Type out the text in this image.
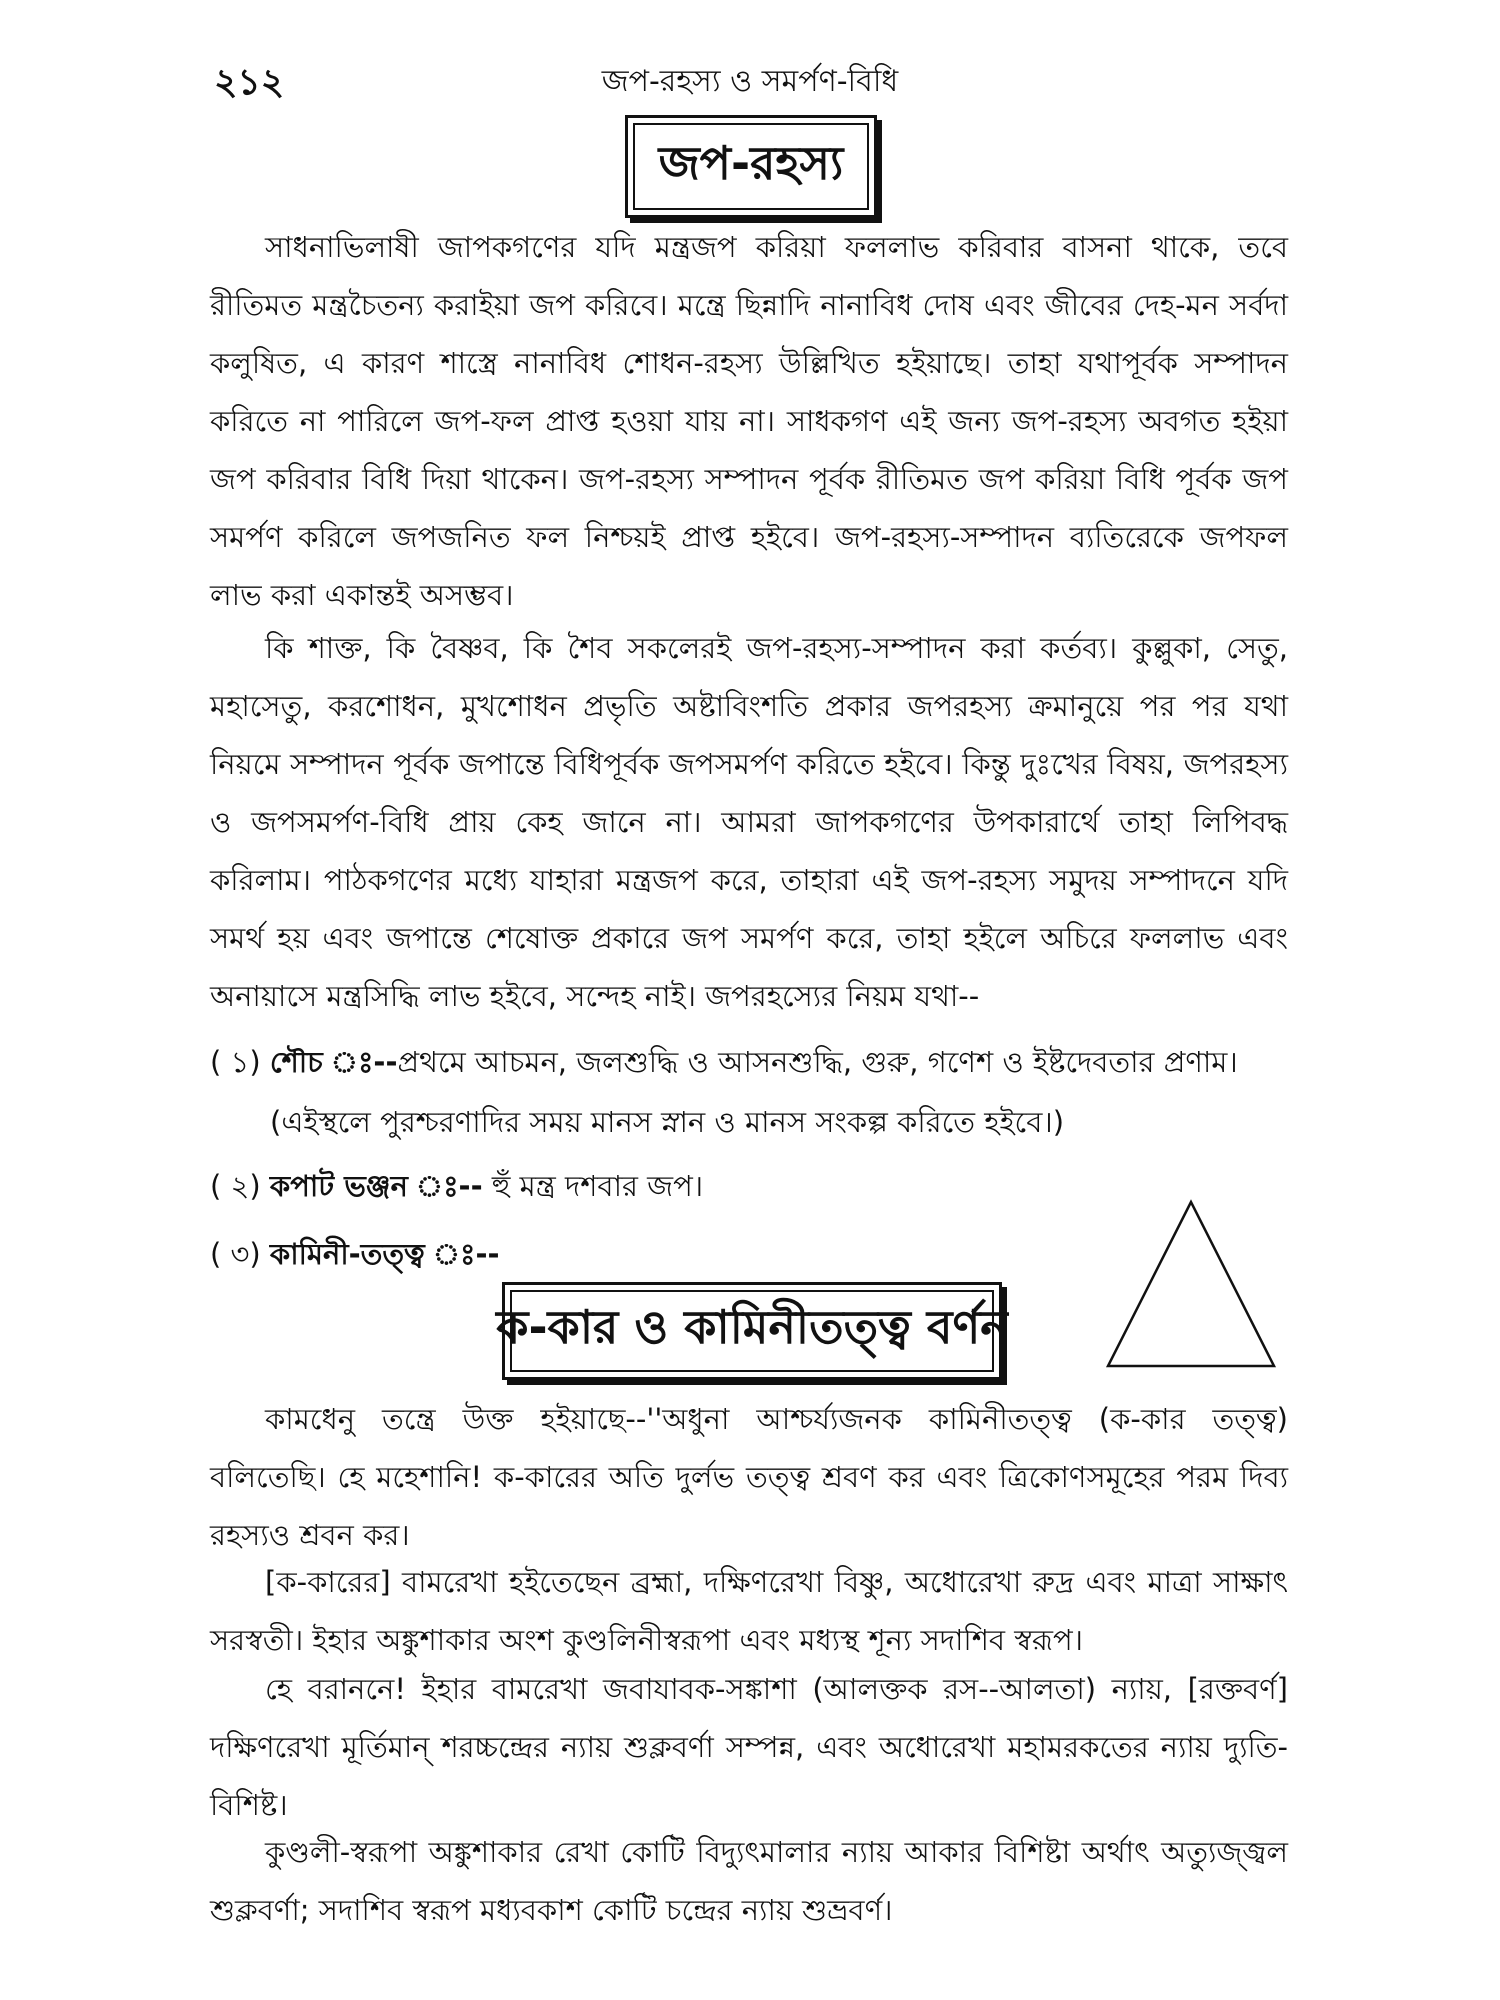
২১২	জপ-রহস্য ও সমর্পণ-বিধি
জপ-রহস্য

সাধনাভিলাষী জাপকগণের যদি মন্ত্রজপ করিয়া ফললাভ করিবার বাসনা থাকে, তবে রীতিমত মন্ত্রচৈতন্য করাইয়া জপ করিবে। মন্ত্রে ছিন্নাদি নানাবিধ দোষ এবং জীবের দেহ-মন সর্বদা কলুষিত, এ কারণ শাস্ত্রে নানাবিধ শোধন-রহস্য উল্লিখিত হইয়াছে। তাহা যথাপূর্বক সম্পাদন করিতে না পারিলে জপ-ফল প্রাপ্ত হওয়া যায় না। সাধকগণ এই জন্য জপ-রহস্য অবগত হইয়া জপ করিবার বিধি দিয়া থাকেন। জপ-রহস্য সম্পাদন পূর্বক রীতিমত জপ করিয়া বিধি পূর্বক জপ সমর্পণ করিলে জপজনিত ফল নিশ্চয়ই প্রাপ্ত হইবে। জপ-রহস্য-সম্পাদন ব্যতিরেকে জপফল লাভ করা একান্তই অসম্ভব।

কি শাক্ত, কি বৈষ্ণব, কি শৈব সকলেরই জপ-রহস্য-সম্পাদন করা কর্তব্য। কুল্লুকা, সেতু, মহাসেতু, করশোধন, মুখশোধন প্রভৃতি অষ্টাবিংশতি প্রকার জপরহস্য ক্রমানুয়ে পর পর যথা নিয়মে সম্পাদন পূর্বক জপান্তে বিধিপূর্বক জপসমর্পণ করিতে হইবে। কিন্তু দুঃখের বিষয়, জপরহস্য ও জপসমর্পণ-বিধি প্রায় কেহ জানে না। আমরা জাপকগণের উপকারার্থে তাহা লিপিবদ্ধ করিলাম। পাঠকগণের মধ্যে যাহারা মন্ত্রজপ করে, তাহারা এই জপ-রহস্য সমুদয় সম্পাদনে যদি সমর্থ হয় এবং জপান্তে শেষোক্ত প্রকারে জপ সমর্পণ করে, তাহা হইলে অচিরে ফললাভ এবং অনায়াসে মন্ত্রসিদ্ধি লাভ হইবে, সন্দেহ নাই। জপরহস্যের নিয়ম যথা--

( ১) শৌচ ঃ--প্রথমে আচমন, জলশুদ্ধি ও আসনশুদ্ধি, গুরু, গণেশ ও ইষ্টদেবতার প্রণাম।
(এইস্থলে পুরশ্চরণাদির সময় মানস স্নান ও মানস সংকল্প করিতে হইবে।)
( ২) কপাট ভঞ্জন ঃ-- হুঁ মন্ত্র দশবার জপ।
( ৩) কামিনী-তত্ত্ব ঃ--
ক-কার ও কামিনীতত্ত্ব বর্ণন

কামধেনু তন্ত্রে উক্ত হইয়াছে--''অধুনা আশ্চর্য্যজনক কামিনীতত্ত্ব (ক-কার তত্ত্ব) বলিতেছি। হে মহেশানি! ক-কারের অতি দুর্লভ তত্ত্ব শ্রবণ কর এবং ত্রিকোণসমূহের পরম দিব্য রহস্যও শ্রবন কর।

[ক-কারের] বামরেখা হইতেছেন ব্রহ্মা, দক্ষিণরেখা বিষ্ণু, অধোরেখা রুদ্র এবং মাত্রা সাক্ষাৎ সরস্বতী। ইহার অঙ্কুশাকার অংশ কুণ্ডলিনীস্বরূপা এবং মধ্যস্থ শূন্য সদাশিব স্বরূপ।

হে বরাননে! ইহার বামরেখা জবাযাবক-সঙ্কাশা (আলক্তক রস--আলতা) ন্যায়, [রক্তবর্ণ] দক্ষিণরেখা মূর্তিমান্ শরচ্চন্দ্রের ন্যায় শুক্লবর্ণা সম্পন্ন, এবং অধোরেখা মহামরকতের ন্যায় দ্যুতি-বিশিষ্ট।

কুণ্ডলী-স্বরূপা অঙ্কুশাকার রেখা কোটি বিদ্যুৎমালার ন্যায় আকার বিশিষ্টা অর্থাৎ অত্যুজ্জ্বল শুক্লবর্ণা; সদাশিব স্বরূপ মধ্যবকাশ কোটি চন্দ্রের ন্যায় শুভ্রবর্ণ।
